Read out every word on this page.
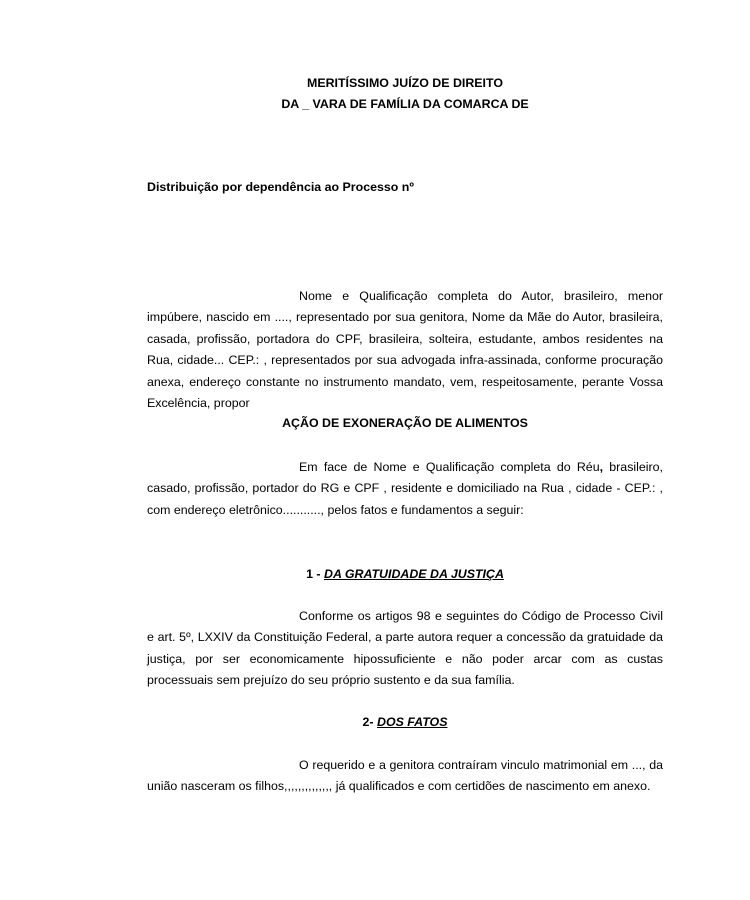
MERITÍSSIMO JUÍZO DE DIREITO
DA _ VARA DE FAMÍLIA DA COMARCA DE

Distribuição por dependência ao Processo nº

Nome e Qualificação completa do Autor, brasileiro, menor impúbere, nascido em ...., representado por sua genitora, Nome da Mãe do Autor, brasileira, casada, profissão, portadora do CPF, brasileira, solteira, estudante, ambos residentes na Rua, cidade... CEP.: , representados por sua advogada infra-assinada, conforme procuração anexa, endereço constante no instrumento mandato, vem, respeitosamente, perante Vossa Excelência, propor

AÇÃO DE EXONERAÇÃO DE ALIMENTOS

Em face de Nome e Qualificação completa do Réu, brasileiro, casado, profissão, portador do RG e CPF , residente e domiciliado na Rua , cidade - CEP.: , com endereço eletrônico..........., pelos fatos e fundamentos a seguir:

1 - DA GRATUIDADE DA JUSTIÇA

Conforme os artigos 98 e seguintes do Código de Processo Civil e art. 5º, LXXIV da Constituição Federal, a parte autora requer a concessão da gratuidade da justiça, por ser economicamente hipossuficiente e não poder arcar com as custas processuais sem prejuízo do seu próprio sustento e da sua família.

2- DOS FATOS

O requerido e a genitora contraíram vinculo matrimonial em ..., da união nasceram os filhos,,,,,,,,,,,,,, já qualificados e com certidões de nascimento em anexo.
